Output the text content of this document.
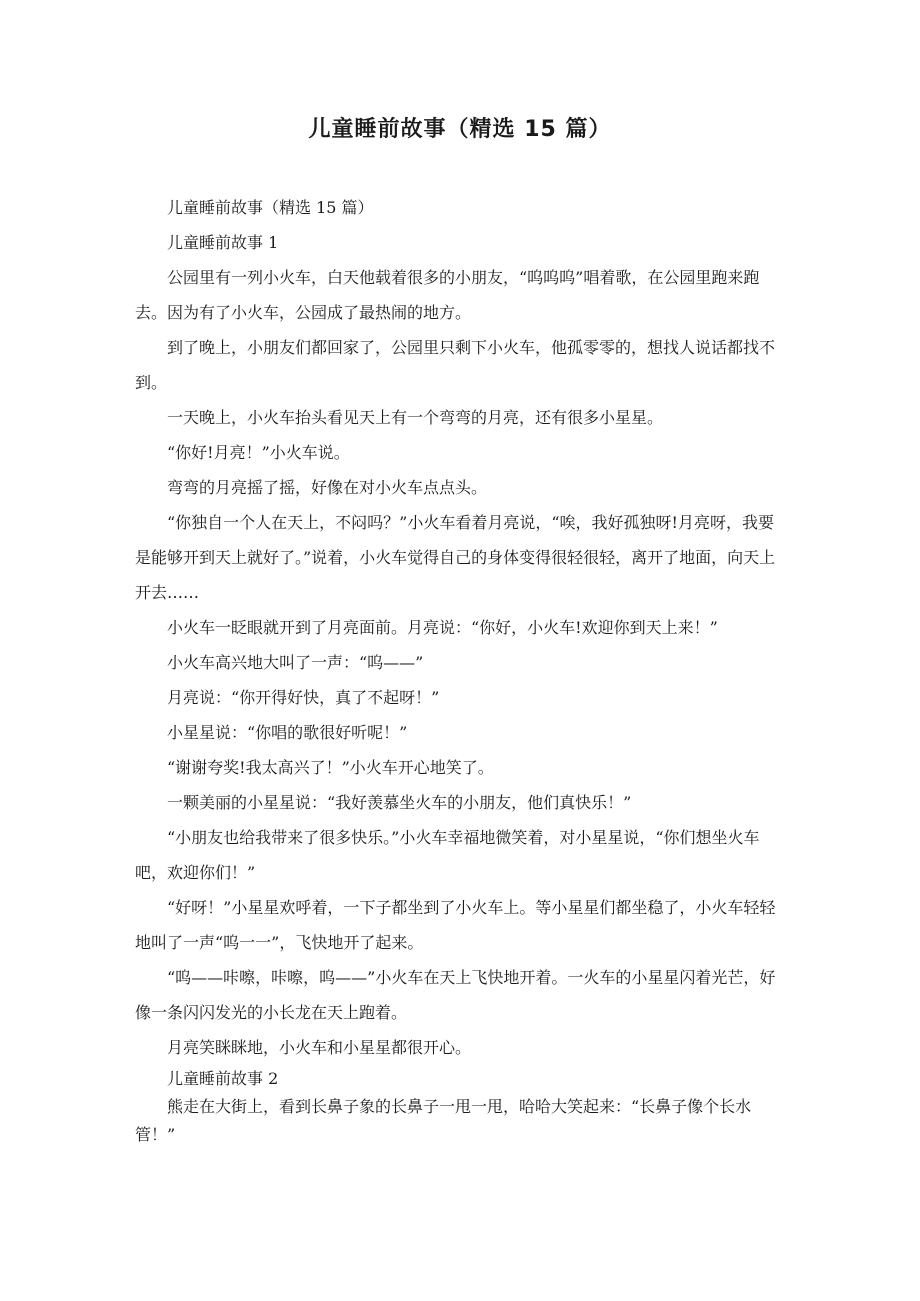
儿童睡前故事（精选 15 篇）

儿童睡前故事（精选 15 篇）

儿童睡前故事 1

公园里有一列小火车，白天他载着很多的小朋友，“呜呜呜”唱着歌，在公园里跑来跑去。因为有了小火车，公园成了最热闹的地方。

到了晚上，小朋友们都回家了，公园里只剩下小火车，他孤零零的，想找人说话都找不到。

一天晚上，小火车抬头看见天上有一个弯弯的月亮，还有很多小星星。

“你好!月亮！”小火车说。

弯弯的月亮摇了摇，好像在对小火车点点头。

“你独自一个人在天上，不闷吗？”小火车看着月亮说，“唉，我好孤独呀!月亮呀，我要是能够开到天上就好了。”说着，小火车觉得自己的身体变得很轻很轻，离开了地面，向天上开去……

小火车一眨眼就开到了月亮面前。月亮说：“你好，小火车!欢迎你到天上来！”

小火车高兴地大叫了一声：“呜——”

月亮说：“你开得好快，真了不起呀！”

小星星说：“你唱的歌很好听呢！”

“谢谢夸奖!我太高兴了！”小火车开心地笑了。

一颗美丽的小星星说：“我好羡慕坐火车的小朋友，他们真快乐！”

“小朋友也给我带来了很多快乐。”小火车幸福地微笑着，对小星星说，“你们想坐火车吧，欢迎你们！”

“好呀！”小星星欢呼着，一下子都坐到了小火车上。等小星星们都坐稳了，小火车轻轻地叫了一声“呜一一”，飞快地开了起来。

“呜——咔嚓，咔嚓，呜——”小火车在天上飞快地开着。一火车的小星星闪着光芒，好像一条闪闪发光的小长龙在天上跑着。

月亮笑眯眯地，小火车和小星星都很开心。

儿童睡前故事 2

熊走在大街上，看到长鼻子象的长鼻子一甩一甩，哈哈大笑起来：“长鼻子像个长水管！”
